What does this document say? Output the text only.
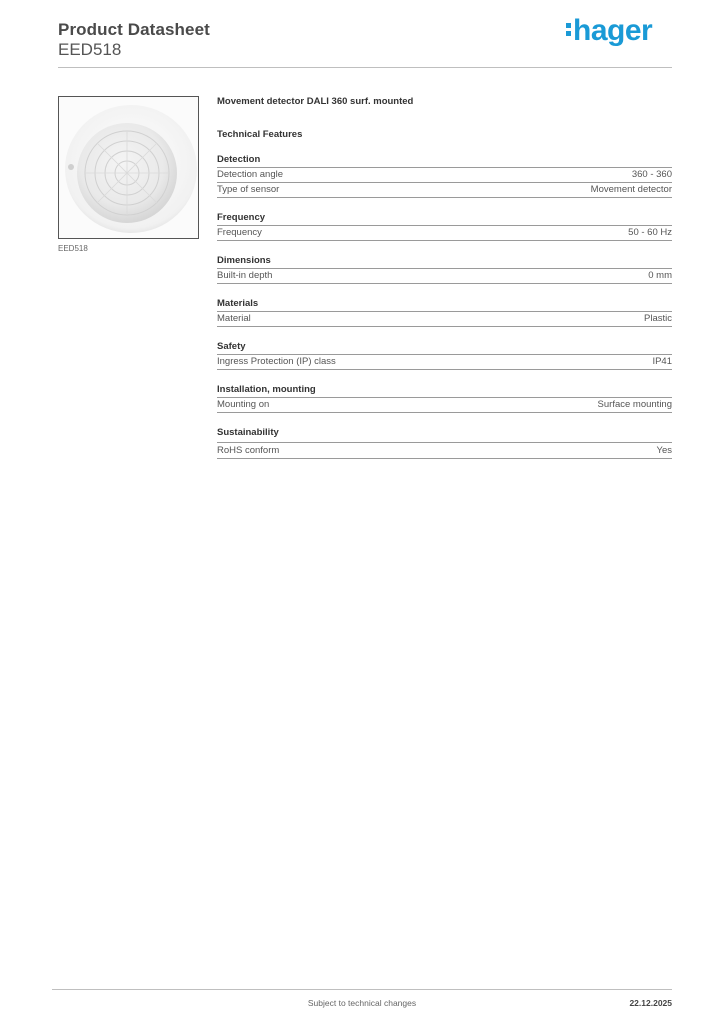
Product Datasheet
EED518
hager
EED518
Movement detector DALI 360 surf. mounted
Technical Features
Detection
Detection angle	360 - 360
Type of sensor	Movement detector
Frequency
Frequency	50 - 60 Hz
Dimensions
Built-in depth	0 mm
Materials
Material	Plastic
Safety
Ingress Protection (IP) class	IP41
Installation, mounting
Mounting on	Surface mounting
Sustainability
RoHS conform	Yes
Subject to technical changes	22.12.2025
